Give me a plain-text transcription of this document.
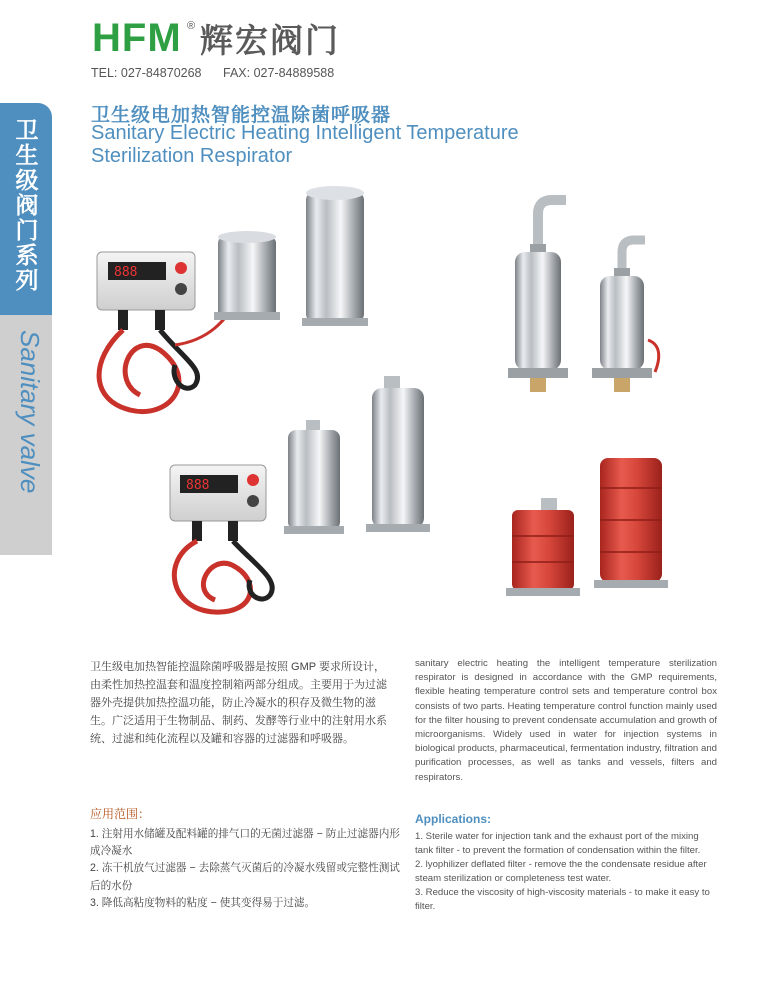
HFM ® 辉宏阀门
TEL: 027-84870268 FAX: 027-84889588
卫生级阀门系列
Sanitary valve
卫生级电加热智能控温除菌呼吸器
Sanitary Electric Heating Intelligent Temperature Sterilization Respirator
888
888
卫生级电加热智能控温除菌呼吸器是按照 GMP 要求所设计，由柔性加热控温套和温度控制箱两部分组成。主要用于为过滤器外壳提供加热控温功能，防止冷凝水的积存及微生物的滋生。广泛适用于生物制品、制药、发酵等行业中的注射用水系统、过滤和纯化流程以及罐和容器的过滤器和呼吸器。
sanitary electric heating the intelligent temperature sterilization respirator is designed in accordance with the GMP requirements, flexible heating temperature control sets and temperature control box consists of two parts. Heating temperature control function mainly used for the filter housing to prevent condensate accumulation and growth of microorganisms. Widely used in water for injection systems in biological products, pharmaceutical, fermentation industry, filtration and purification processes, as well as tanks and vessels, filters and respirators.
应用范围：	Applications:

1. 注射用水储罐及配料罐的排气口的无菌过滤器 − 防止过滤器内形成冷凝水

2. 冻干机放气过滤器 − 去除蒸气灭菌后的冷凝水残留或完整性测试后的水份

3. 降低高粘度物料的粘度 − 使其变得易于过滤。

1. Sterile water for injection tank and the exhaust port of the mixing tank filter - to prevent the formation of condensation within the filter.

2. lyophilizer deflated filter - remove the the condensate residue after steam sterilization or completeness test water.

3. Reduce the viscosity of high-viscosity materials - to make it easy to filter.
